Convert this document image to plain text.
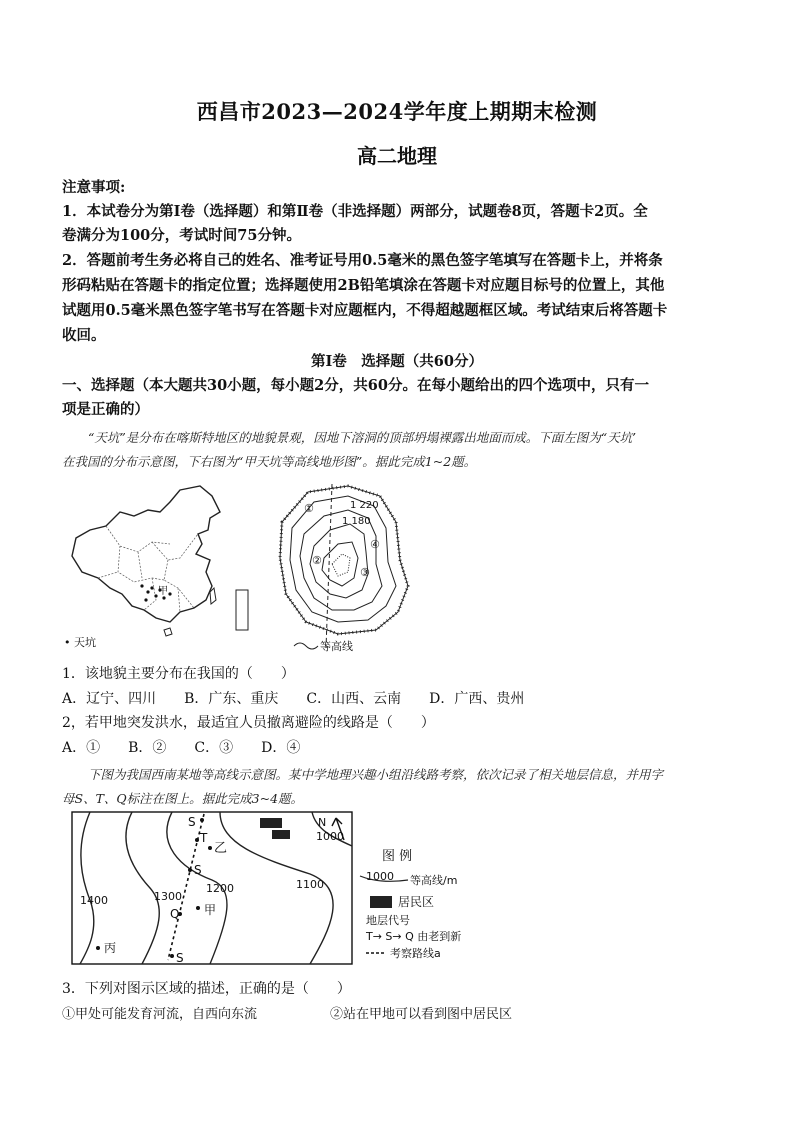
西昌市2023—2024学年度上期期末检测
高二地理
注意事项:
1．本试卷分为第Ⅰ卷（选择题）和第Ⅱ卷（非选择题）两部分，试题卷8页，答题卡2页。全
卷满分为100分，考试时间75分钟。
2．答题前考生务必将自己的姓名、准考证号用0.5毫米的黑色签字笔填写在答题卡上，并将条
形码粘贴在答题卡的指定位置；选择题使用2B铅笔填涂在答题卡对应题目标号的位置上，其他
试题用0.5毫米黑色签字笔书写在答题卡对应题框内，不得超越题框区域。考试结束后将答题卡
收回。
第Ⅰ卷　选择题（共60分）
一、选择题（本大题共30小题，每小题2分，共60分。在每小题给出的四个选项中，只有一
项是正确的）
“天坑”是分布在喀斯特地区的地貌景观，因地下溶洞的顶部坍塌裸露出地面而成。下面左图为“天坑’
在我国的分布示意图，下右图为“甲天坑等高线地形图”。据此完成1~2题。
甲
• 天坑
1 220
1 180
①
②
③
④
等高线
1．该地貌主要分布在我国的（　　）
A．辽宁、四川　　B．广东、重庆　　C．山西、云南　　D．广西、贵州
2，若甲地突发洪水，最适宜人员撤离避险的线路是（　　）
A．①　　B．②　　C．③　　D．④
下图为我国西南某地等高线示意图。某中学地理兴趣小组沿线路考察，依次记录了相关地层信息，并用字
母S、T、Q标注在图上。据此完成3~4题。
S
T
乙
S
1200	1100
1300
1400
Q 甲
丙
S
1000
N
图 例
1000 等高线/m
居民区
地层代号
T→ S→ Q 由老到新
考察路线a
3．下列对图示区域的描述，正确的是（　　）
①甲处可能发育河流，自西向东流	②站在甲地可以看到图中居民区
